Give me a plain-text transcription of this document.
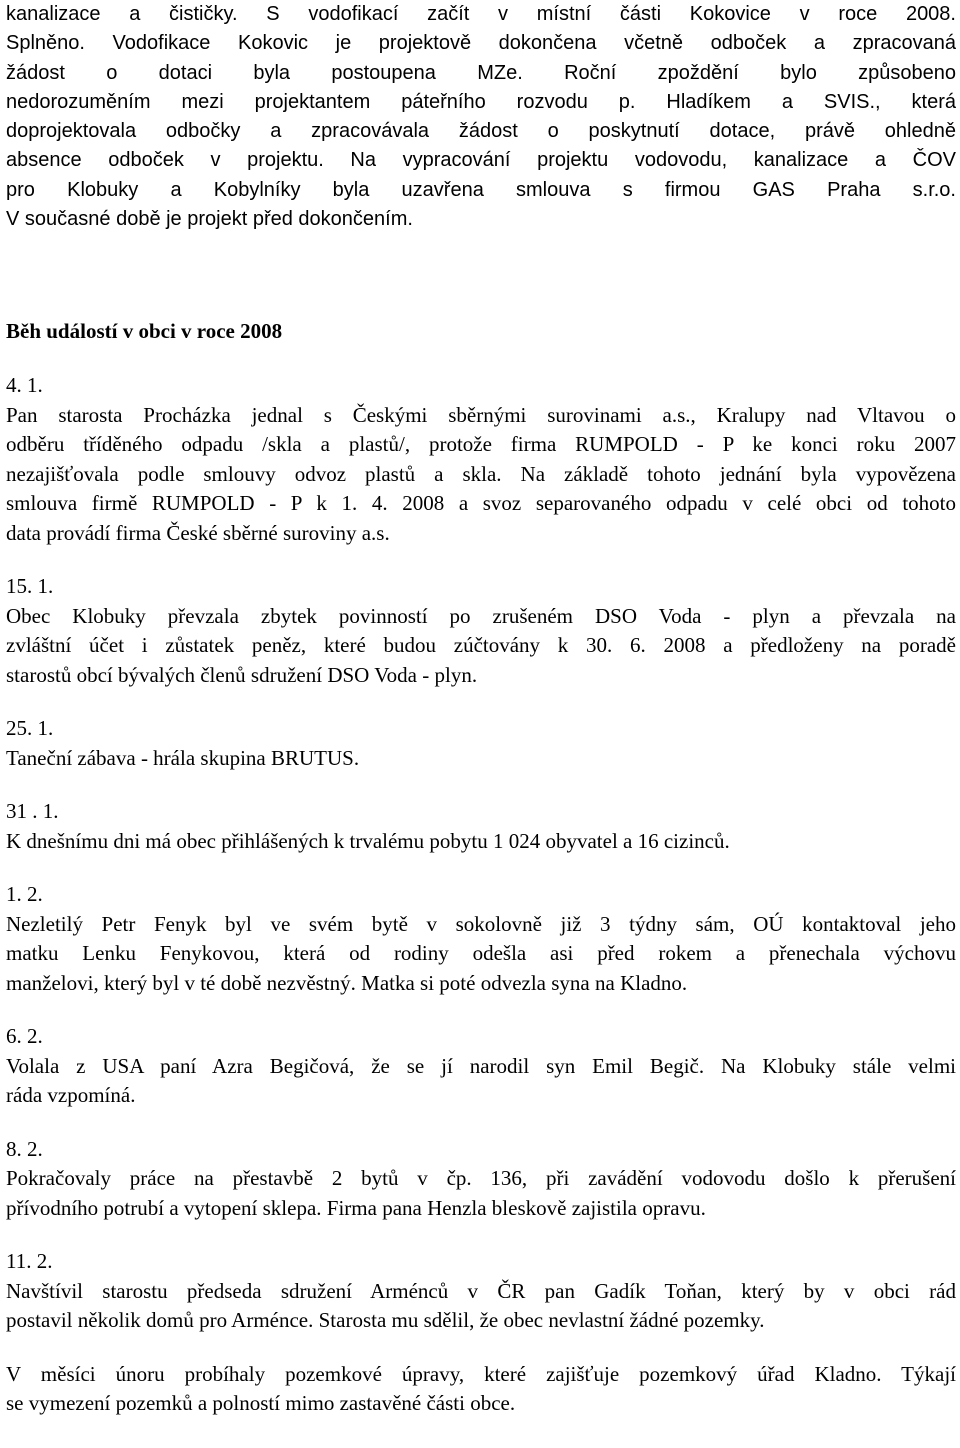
kanalizace a čističky. S vodofikací začít v místní části Kokovice v roce 2008.
Splněno. Vodofikace Kokovic je projektově dokončena včetně odboček a zpracovaná
žádost o dotaci byla postoupena MZe. Roční zpoždění bylo způsobeno
nedorozuměním mezi projektantem páteřního rozvodu p. Hladíkem a SVIS., která
doprojektovala odbočky a zpracovávala žádost o poskytnutí dotace, právě ohledně
absence odboček v projektu. Na vypracování projektu vodovodu, kanalizace a ČOV
pro Klobuky a Kobylníky byla uzavřena smlouva s firmou GAS Praha s.r.o.
V současné době je projekt před dokončením.

Běh událostí v obci v roce 2008
4. 1.
Pan starosta Procházka jednal s Českými sběrnými surovinami a.s., Kralupy nad Vltavou o
odběru tříděného odpadu /skla a plastů/, protože firma RUMPOLD - P ke konci roku 2007
nezajišťovala podle smlouvy odvoz plastů a skla. Na základě tohoto jednání byla vypovězena
smlouva firmě RUMPOLD - P k 1. 4. 2008 a svoz separovaného odpadu v celé obci od tohoto
data provádí firma České sběrné suroviny a.s.
15. 1.
Obec Klobuky převzala zbytek povinností po zrušeném DSO Voda - plyn a převzala na
zvláštní účet i zůstatek peněz, které budou zúčtovány k 30. 6. 2008 a předloženy na poradě
starostů obcí bývalých členů sdružení DSO Voda - plyn.
25. 1.
Taneční zábava - hrála skupina BRUTUS.
31 . 1.
K dnešnímu dni má obec přihlášených k trvalému pobytu 1 024 obyvatel a 16 cizinců.
1. 2.
Nezletilý Petr Fenyk byl ve svém bytě v sokolovně již 3 týdny sám, OÚ kontaktoval jeho
matku Lenku Fenykovou, která od rodiny odešla asi před rokem a přenechala výchovu
manželovi, který byl v té době nezvěstný. Matka si poté odvezla syna na Kladno.
6. 2.
Volala z USA paní Azra Begičová, že se jí narodil syn Emil Begič. Na Klobuky stále velmi
ráda vzpomíná.
8. 2.
Pokračovaly práce na přestavbě 2 bytů v čp. 136, při zavádění vodovodu došlo k přerušení
přívodního potrubí a vytopení sklepa. Firma pana Henzla bleskově zajistila opravu.
11. 2.
Navštívil starostu předseda sdružení Arménců v ČR pan Gadík Toňan, který by v obci rád
postavil několik domů pro Arménce. Starosta mu sdělil, že obec nevlastní žádné pozemky.
V měsíci únoru probíhaly pozemkové úpravy, které zajišťuje pozemkový úřad Kladno. Týkají
se vymezení pozemků a polností mimo zastavěné části obce.
